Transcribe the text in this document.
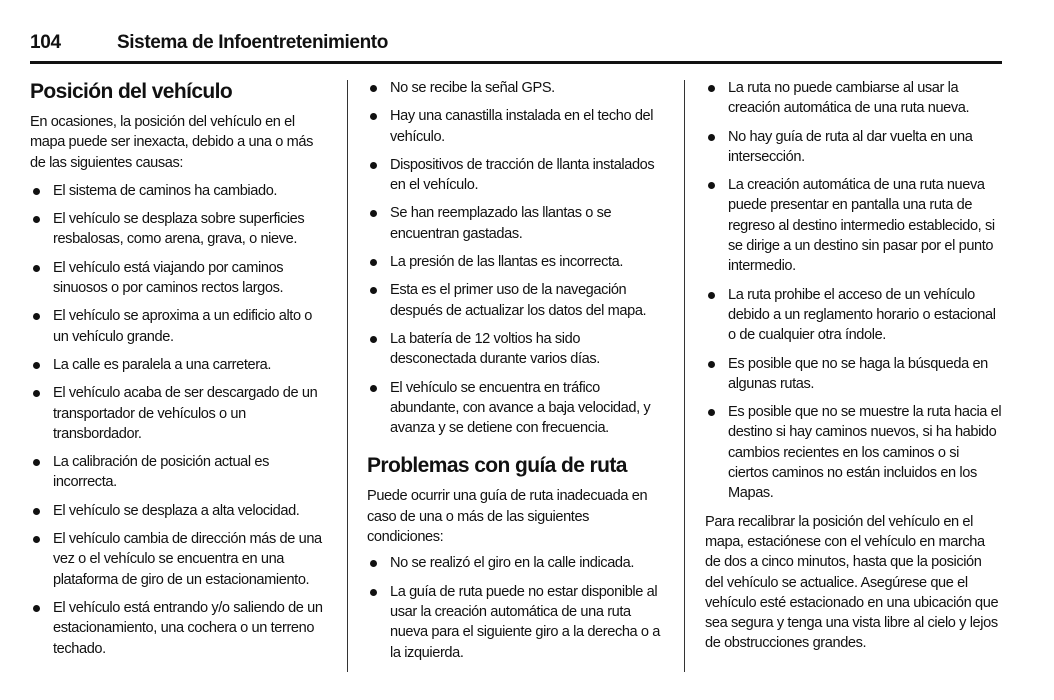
104	Sistema de Infoentretenimiento
Posición del vehículo

En ocasiones, la posición del vehículo en el mapa puede ser inexacta, debido a una o más de las siguientes causas:

El sistema de caminos ha cambiado.
El vehículo se desplaza sobre superficies resbalosas, como arena, grava, o nieve.
El vehículo está viajando por caminos sinuosos o por caminos rectos largos.
El vehículo se aproxima a un edificio alto o un vehículo grande.
La calle es paralela a una carretera.
El vehículo acaba de ser descargado de un transportador de vehículos o un transbordador.
La calibración de posición actual es incorrecta.
El vehículo se desplaza a alta velocidad.
El vehículo cambia de dirección más de una vez o el vehículo se encuentra en una plataforma de giro de un estacionamiento.
El vehículo está entrando y/o saliendo de un estacionamiento, una cochera o un terreno techado.
No se recibe la señal GPS.
Hay una canastilla instalada en el techo del vehículo.
Dispositivos de tracción de llanta instalados en el vehículo.
Se han reemplazado las llantas o se encuentran gastadas.
La presión de las llantas es incorrecta.
Esta es el primer uso de la navegación después de actualizar los datos del mapa.
La batería de 12 voltios ha sido desconectada durante varios días.
El vehículo se encuentra en tráfico abundante, con avance a baja velocidad, y avanza y se detiene con frecuencia.
Problemas con guía de ruta

Puede ocurrir una guía de ruta inadecuada en caso de una o más de las siguientes condiciones:

No se realizó el giro en la calle indicada.
La guía de ruta puede no estar disponible al usar la creación automática de una ruta nueva para el siguiente giro a la derecha o a la izquierda.
La ruta no puede cambiarse al usar la creación automática de una ruta nueva.
No hay guía de ruta al dar vuelta en una intersección.
La creación automática de una ruta nueva puede presentar en pantalla una ruta de regreso al destino intermedio establecido, si se dirige a un destino sin pasar por el punto intermedio.
La ruta prohibe el acceso de un vehículo debido a un reglamento horario o estacional o de cualquier otra índole.
Es posible que no se haga la búsqueda en algunas rutas.
Es posible que no se muestre la ruta hacia el destino si hay caminos nuevos, si ha habido cambios recientes en los caminos o si ciertos caminos no están incluidos en los Mapas.

Para recalibrar la posición del vehículo en el mapa, estaciónese con el vehículo en marcha de dos a cinco minutos, hasta que la posición del vehículo se actualice. Asegúrese que el vehículo esté estacionado en una ubicación que sea segura y tenga una vista libre al cielo y lejos de obstrucciones grandes.
